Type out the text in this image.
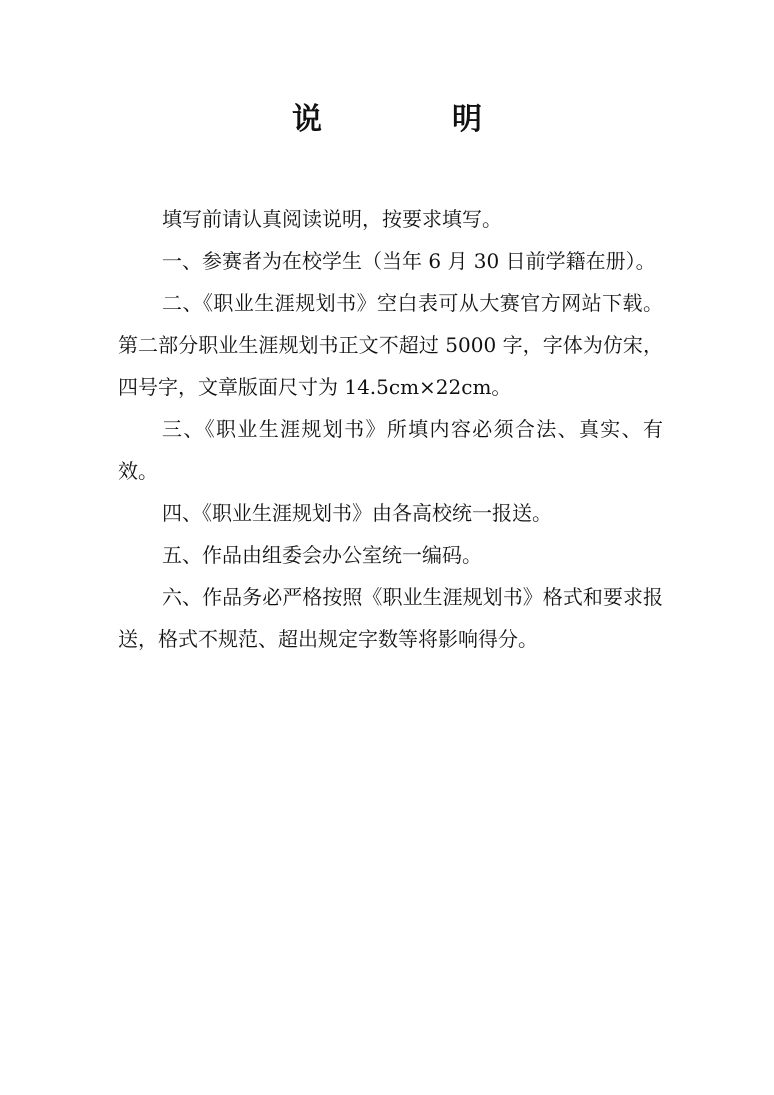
说　明

填写前请认真阅读说明，按要求填写。

一、参赛者为在校学生（当年 6 月 30 日前学籍在册）。

二、《职业生涯规划书》空白表可从大赛官方网站下载。第二部分职业生涯规划书正文不超过 5000 字，字体为仿宋，四号字，文章版面尺寸为 14.5cm×22cm。

三、《职业生涯规划书》所填内容必须合法、真实、有效。

四、《职业生涯规划书》由各高校统一报送。

五、作品由组委会办公室统一编码。

六、作品务必严格按照《职业生涯规划书》格式和要求报送，格式不规范、超出规定字数等将影响得分。
